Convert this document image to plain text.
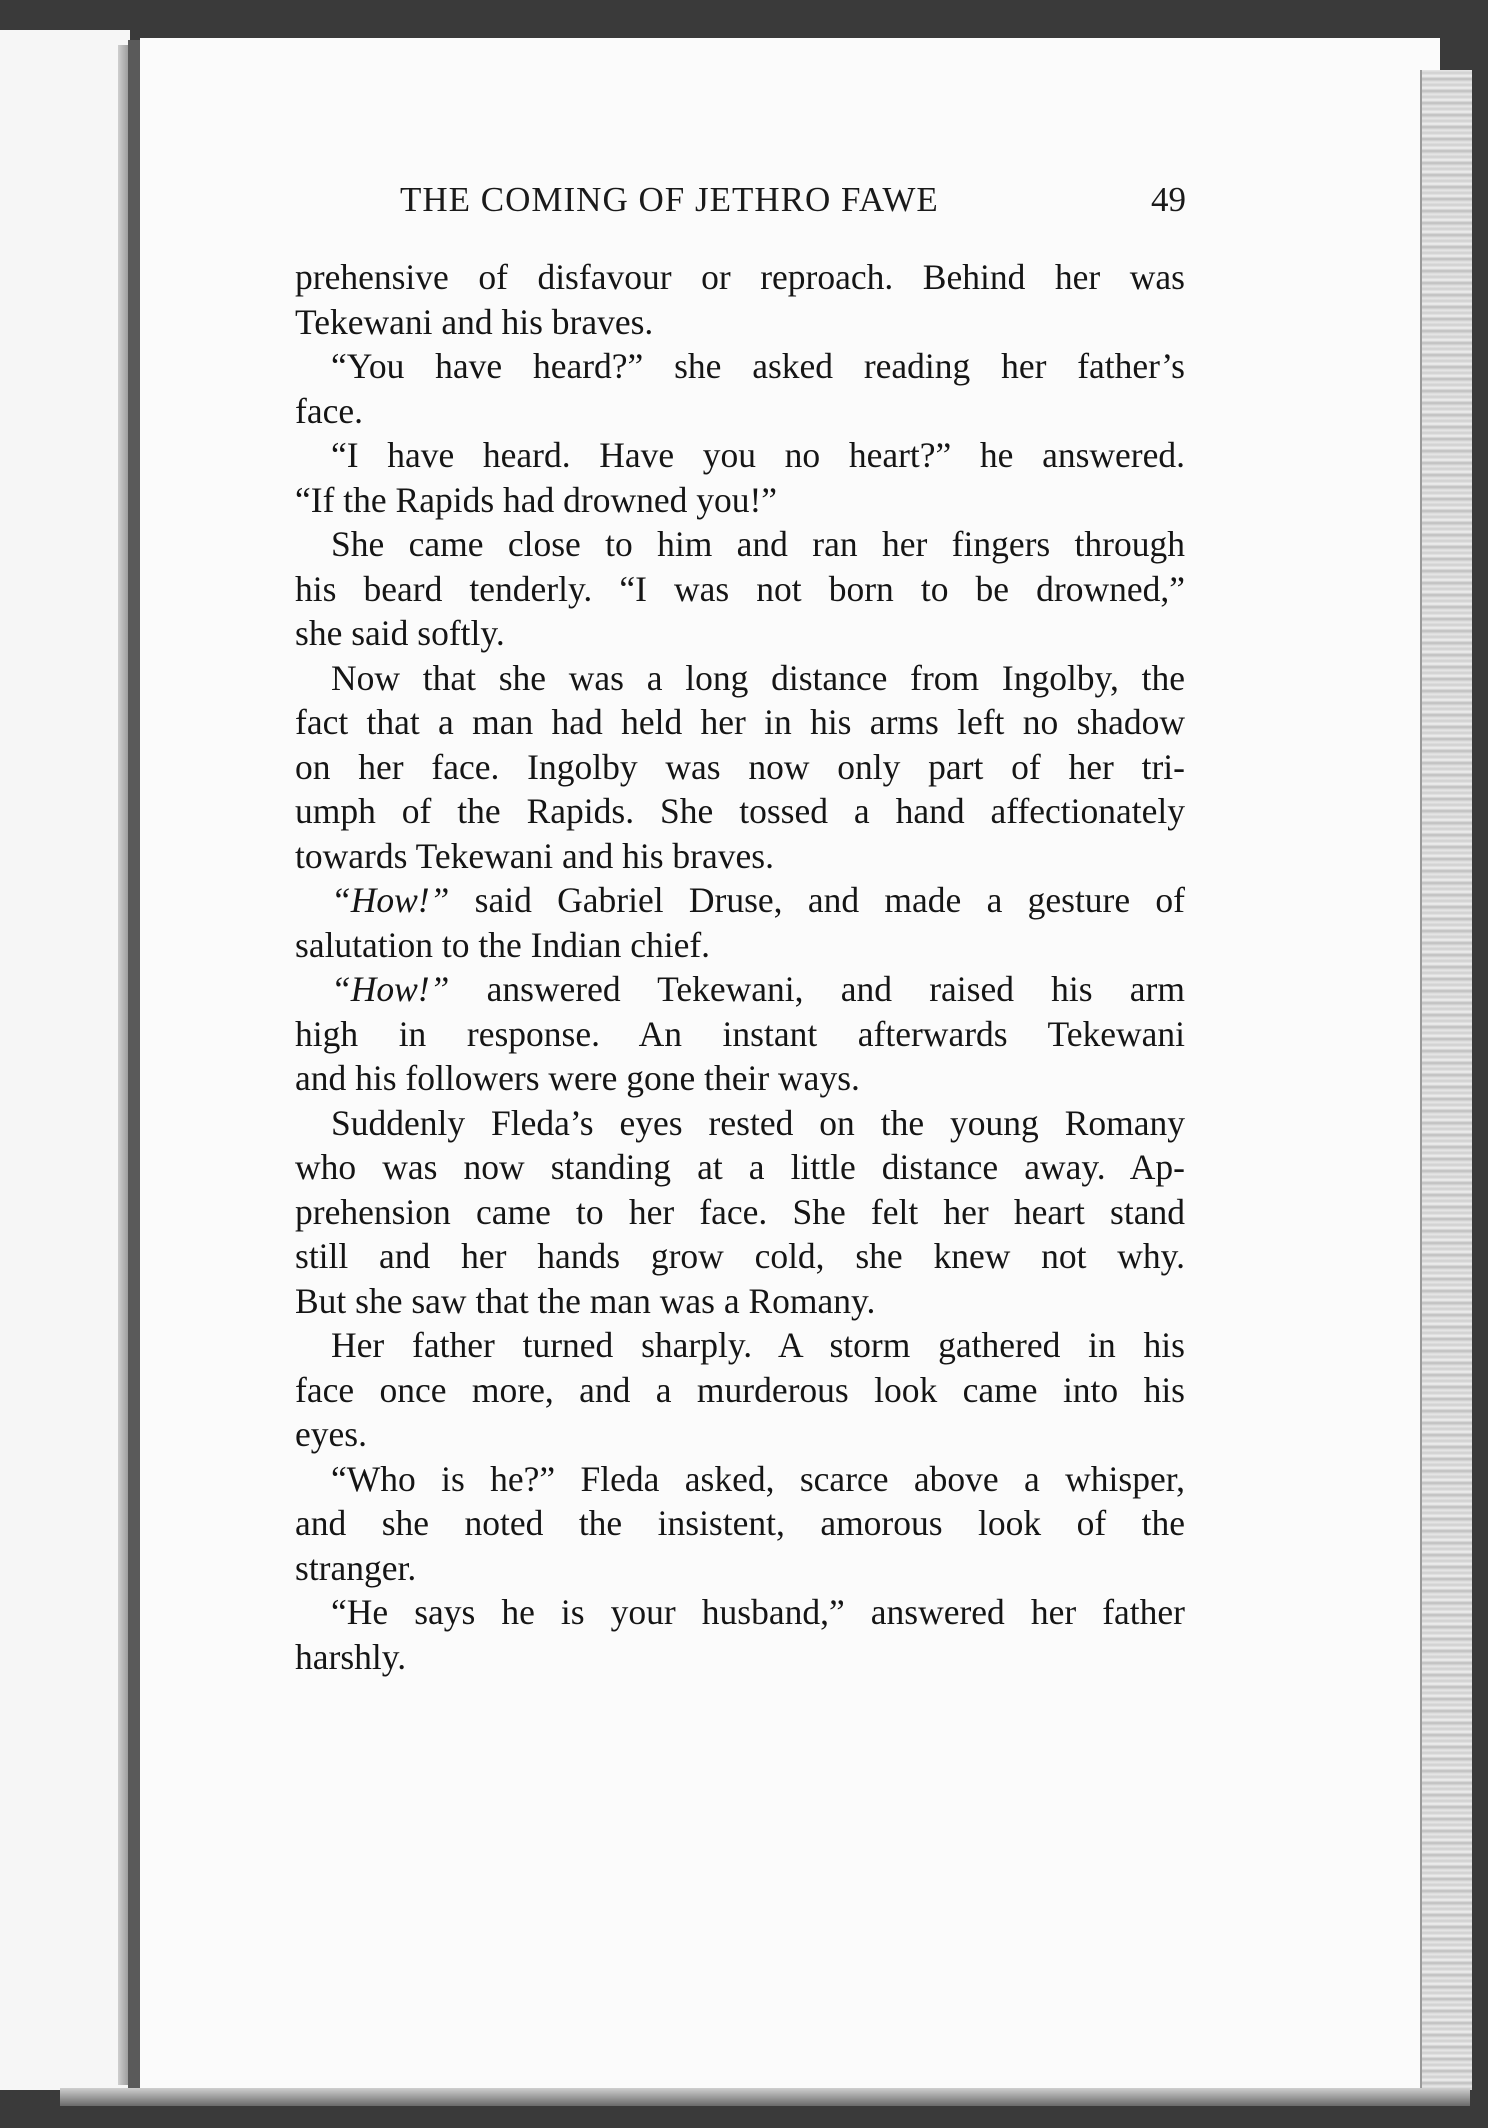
THE COMING OF JETHRO FAWE	49
prehensive of disfavour or reproach. Behind her was
Tekewani and his braves.
“You have heard?” she asked reading her father’s
face.
“I have heard. Have you no heart?” he answered.
“If the Rapids had drowned you!”
She came close to him and ran her fingers through
his beard tenderly. “I was not born to be drowned,”
she said softly.
Now that she was a long distance from Ingolby, the
fact that a man had held her in his arms left no shadow
on her face. Ingolby was now only part of her tri-
umph of the Rapids. She tossed a hand affectionately
towards Tekewani and his braves.
“How!” said Gabriel Druse, and made a gesture of
salutation to the Indian chief.
“How!” answered Tekewani, and raised his arm
high in response. An instant afterwards Tekewani
and his followers were gone their ways.
Suddenly Fleda’s eyes rested on the young Romany
who was now standing at a little distance away. Ap-
prehension came to her face. She felt her heart stand
still and her hands grow cold, she knew not why.
But she saw that the man was a Romany.
Her father turned sharply. A storm gathered in his
face once more, and a murderous look came into his
eyes.
“Who is he?” Fleda asked, scarce above a whisper,
and she noted the insistent, amorous look of the
stranger.
“He says he is your husband,” answered her father
harshly.
